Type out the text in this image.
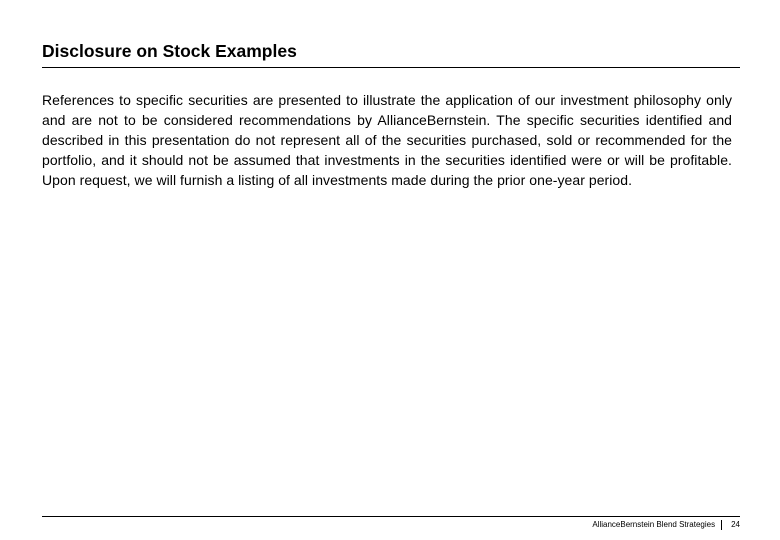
Disclosure on Stock Examples

References to specific securities are presented to illustrate the application of our investment philosophy only and are not to be considered recommendations by AllianceBernstein. The specific securities identified and described in this presentation do not represent all of the securities purchased, sold or recommended for the portfolio, and it should not be assumed that investments in the securities identified were or will be profitable. Upon request, we will furnish a listing of all investments made during the prior one-year period.

AllianceBernstein Blend Strategies 24
